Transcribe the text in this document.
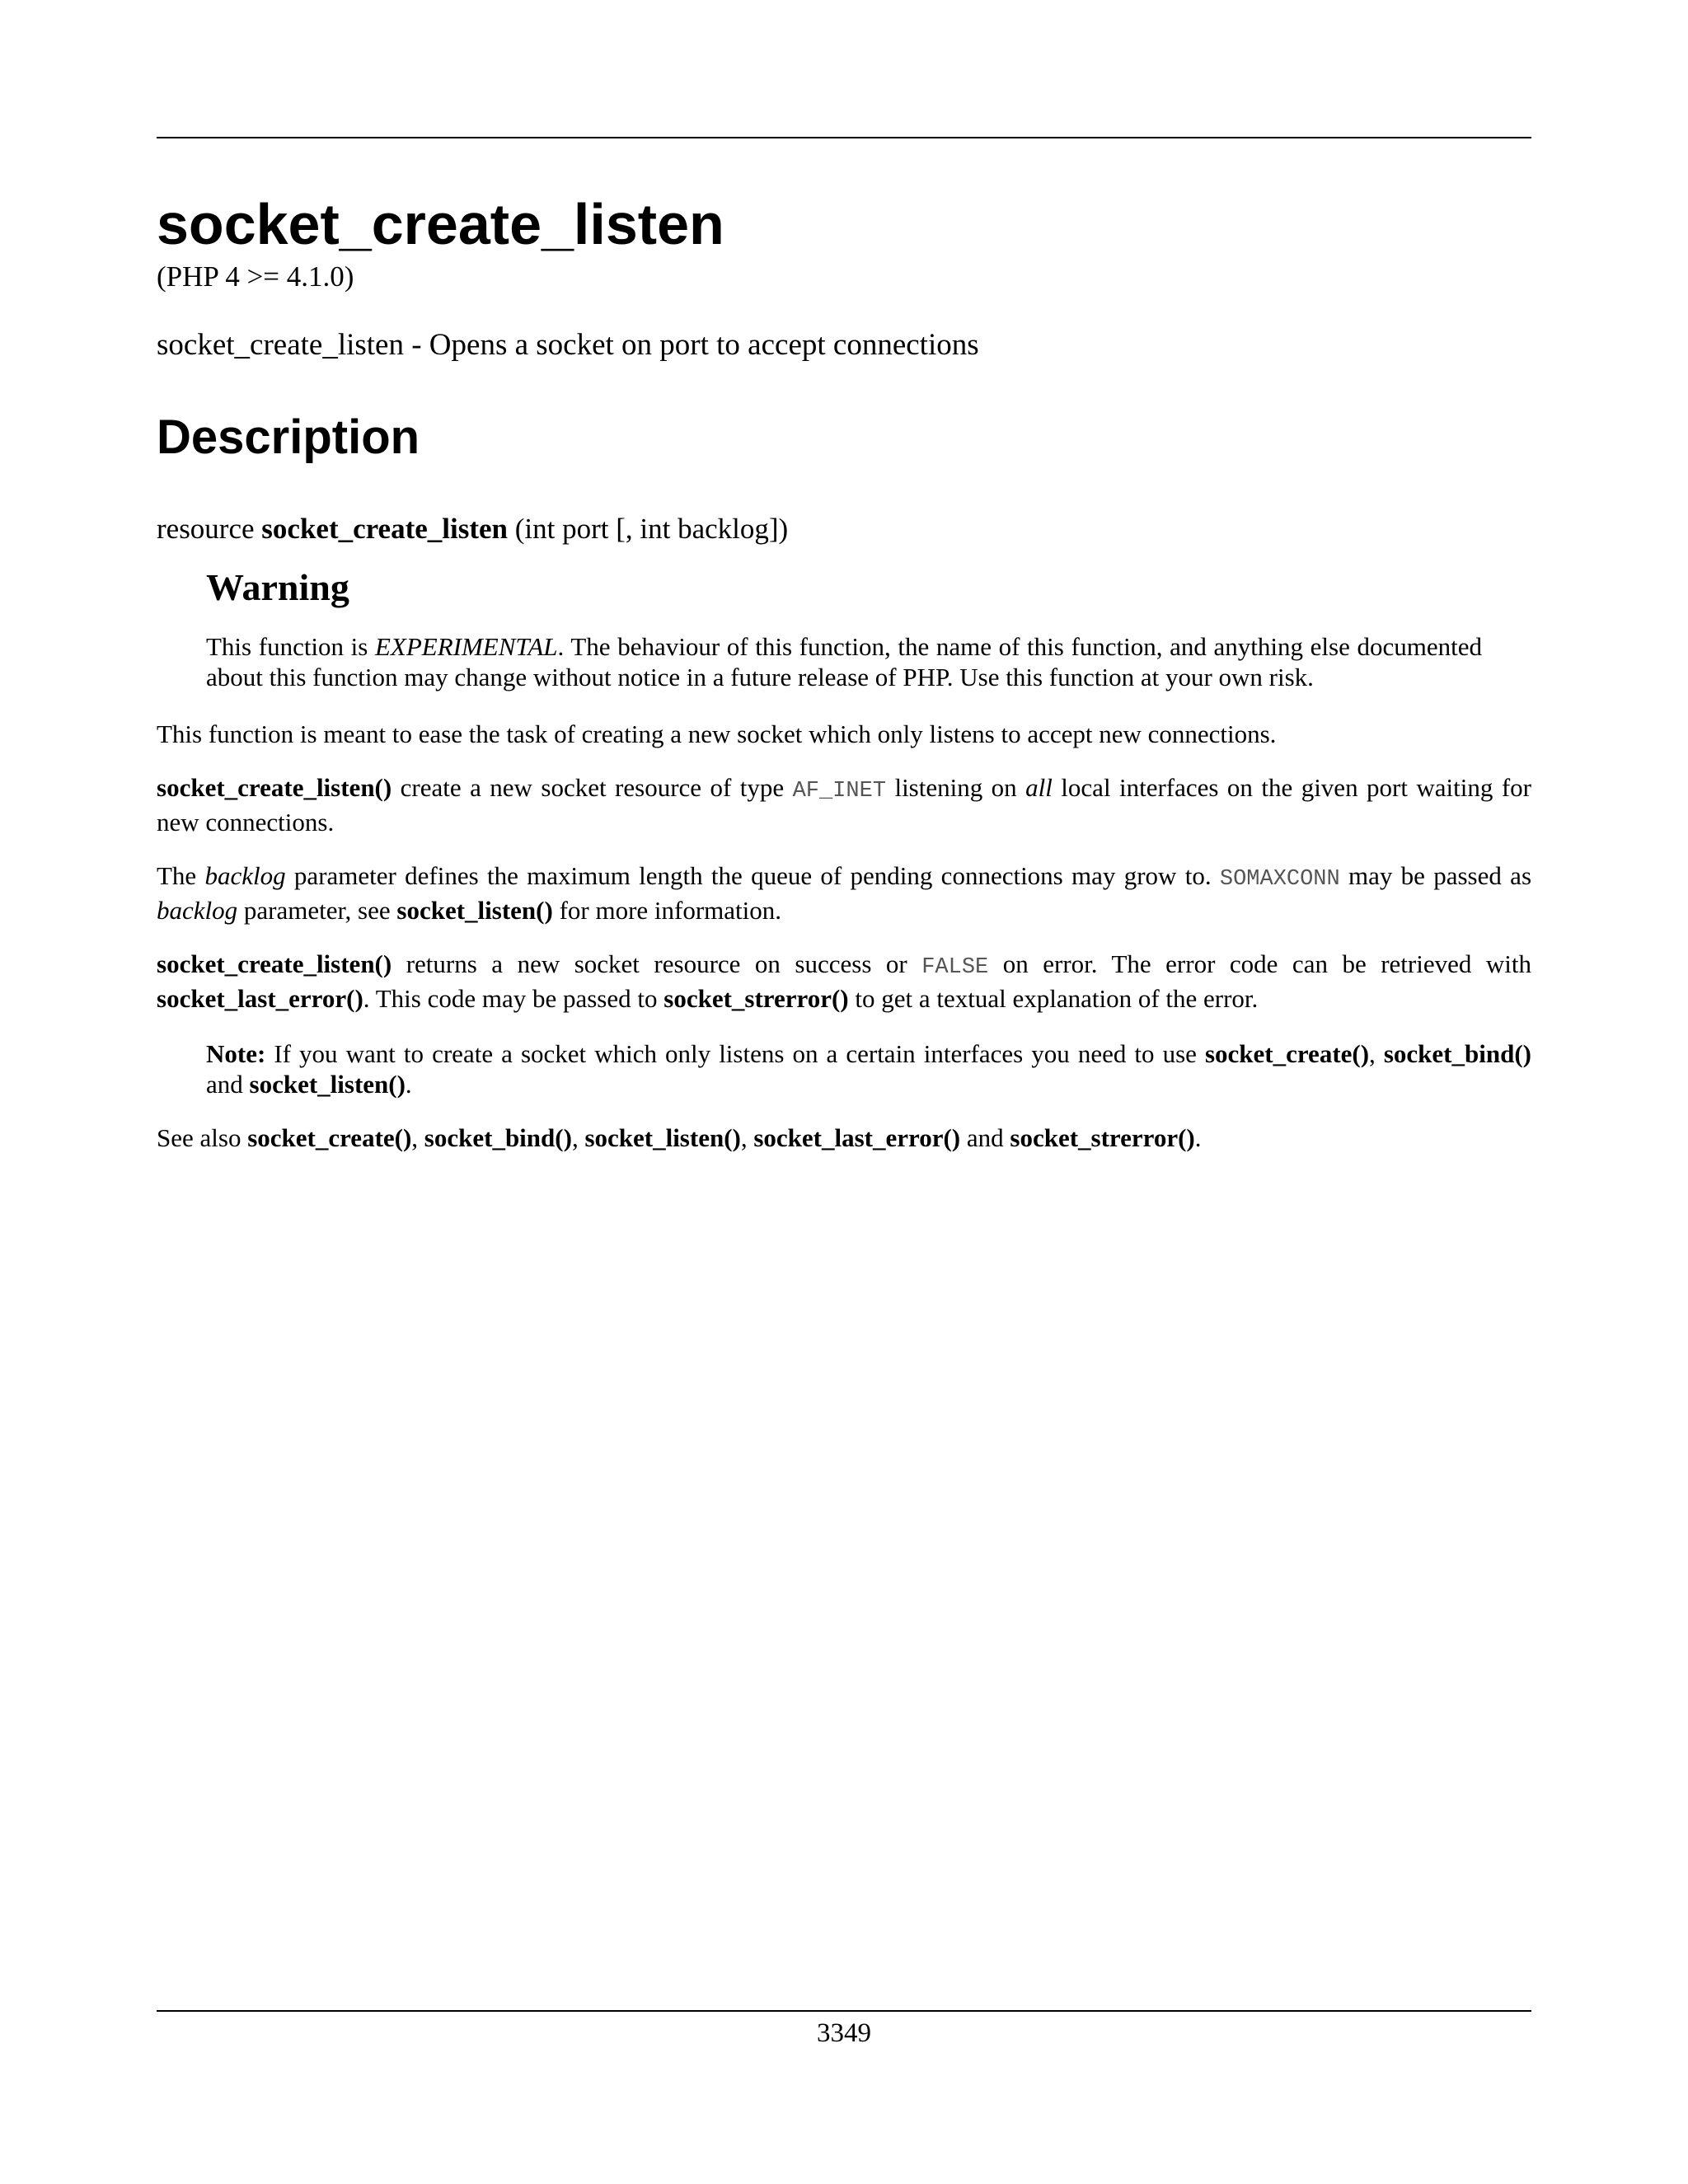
socket_create_listen
(PHP 4 >= 4.1.0)
socket_create_listen - Opens a socket on port to accept connections
Description
resource socket_create_listen (int port [, int backlog])
Warning

This function is EXPERIMENTAL. The behaviour of this function, the name of this function, and anything else documented about this function may change without notice in a future release of PHP. Use this function at your own risk.

This function is meant to ease the task of creating a new socket which only listens to accept new connections.

socket_create_listen() create a new socket resource of type AF_INET listening on all local interfaces on the given port waiting for new connections.

The backlog parameter defines the maximum length the queue of pending connections may grow to. SOMAXCONN may be passed as backlog parameter, see socket_listen() for more information.

socket_create_listen() returns a new socket resource on success or FALSE on error. The error code can be retrieved with socket_last_error(). This code may be passed to socket_strerror() to get a textual explanation of the error.

Note: If you want to create a socket which only listens on a certain interfaces you need to use socket_create(), socket_bind() and socket_listen().

See also socket_create(), socket_bind(), socket_listen(), socket_last_error() and socket_strerror().

3349
